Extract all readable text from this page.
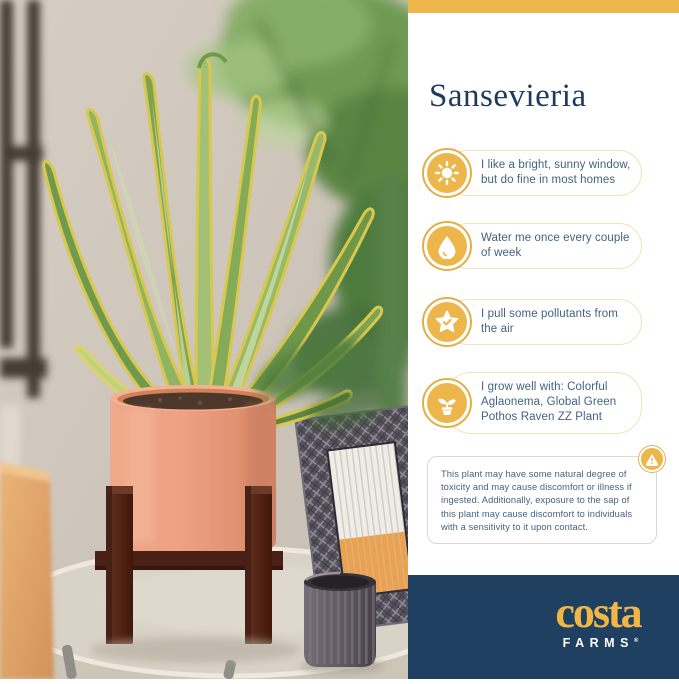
Sansevieria

I like a bright, sunny window, but do fine in most homes

Water me once every couple of week

I pull some pollutants from the air

I grow well with: Colorful Aglaonema, Global Green Pothos Raven ZZ Plant

This plant may have some natural degree of toxicity and may cause discomfort or illness if ingested. Additionally, exposure to the sap of this plant may cause discomfort to individuals with a sensitivity to it upon contact.

costa
FARMS®
